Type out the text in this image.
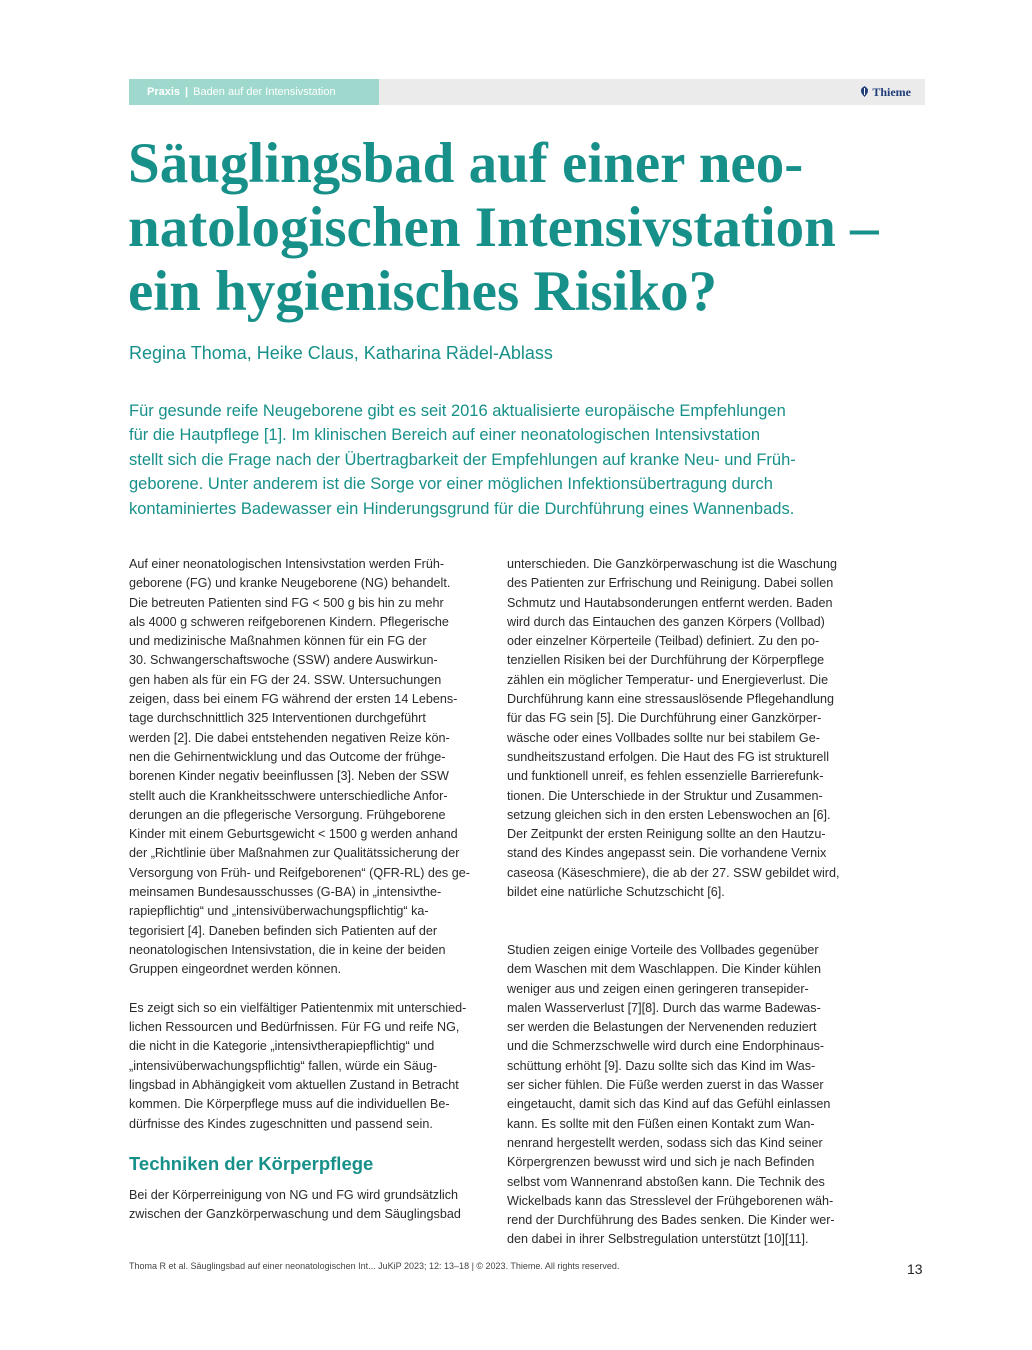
Praxis | Baden auf der Intensivstation	Thieme
Säuglingsbad auf einer neo-
natologischen Intensivstation –
ein hygienisches Risiko?
Regina Thoma, Heike Claus, Katharina Rädel-Ablass
Für gesunde reife Neugeborene gibt es seit 2016 aktualisierte europäische Empfehlungen
für die Hautpflege [1]. Im klinischen Bereich auf einer neonatologischen Intensivstation
stellt sich die Frage nach der Übertragbarkeit der Empfehlungen auf kranke Neu- und Früh-
geborene. Unter anderem ist die Sorge vor einer möglichen Infektionsübertragung durch
kontaminiertes Badewasser ein Hinderungsgrund für die Durchführung eines Wannenbads.
Auf einer neonatologischen Intensivstation werden Früh-
geborene (FG) und kranke Neugeborene (NG) behandelt.
Die betreuten Patienten sind FG < 500 g bis hin zu mehr
als 4000 g schweren reifgeborenen Kindern. Pflegerische
und medizinische Maßnahmen können für ein FG der
30. Schwangerschaftswoche (SSW) andere Auswirkun-
gen haben als für ein FG der 24. SSW. Untersuchungen
zeigen, dass bei einem FG während der ersten 14 Lebens-
tage durchschnittlich 325 Interventionen durchgeführt
werden [2]. Die dabei entstehenden negativen Reize kön-
nen die Gehirnentwicklung und das Outcome der frühge-
borenen Kinder negativ beeinflussen [3]. Neben der SSW
stellt auch die Krankheitsschwere unterschiedliche Anfor-
derungen an die pflegerische Versorgung. Frühgeborene
Kinder mit einem Geburtsgewicht < 1500 g werden anhand
der „Richtlinie über Maßnahmen zur Qualitätssicherung der
Versorgung von Früh- und Reifgeborenen“ (QFR-RL) des ge-
meinsamen Bundesausschusses (G-BA) in „intensivthe-
rapiepflichtig“ und „intensivüberwachungspflichtig“ ka-
tegorisiert [4]. Daneben befinden sich Patienten auf der
neonatologischen Intensivstation, die in keine der beiden
Gruppen eingeordnet werden können.
Es zeigt sich so ein vielfältiger Patientenmix mit unterschied-
lichen Ressourcen und Bedürfnissen. Für FG und reife NG,
die nicht in die Kategorie „intensivtherapiepflichtig“ und
„intensivüberwachungspflichtig“ fallen, würde ein Säug-
lingsbad in Abhängigkeit vom aktuellen Zustand in Betracht
kommen. Die Körperpflege muss auf die individuellen Be-
dürfnisse des Kindes zugeschnitten und passend sein.
Techniken der Körperpflege
Bei der Körperreinigung von NG und FG wird grundsätzlich
zwischen der Ganzkörperwaschung und dem Säuglingsbad
unterschieden. Die Ganzkörperwaschung ist die Waschung
des Patienten zur Erfrischung und Reinigung. Dabei sollen
Schmutz und Hautabsonderungen entfernt werden. Baden
wird durch das Eintauchen des ganzen Körpers (Vollbad)
oder einzelner Körperteile (Teilbad) definiert. Zu den po-
tenziellen Risiken bei der Durchführung der Körperpflege
zählen ein möglicher Temperatur- und Energieverlust. Die
Durchführung kann eine stressauslösende Pflegehandlung
für das FG sein [5]. Die Durchführung einer Ganzkörper-
wäsche oder eines Vollbades sollte nur bei stabilem Ge-
sundheitszustand erfolgen. Die Haut des FG ist strukturell
und funktionell unreif, es fehlen essenzielle Barrierefunk-
tionen. Die Unterschiede in der Struktur und Zusammen-
setzung gleichen sich in den ersten Lebenswochen an [6].
Der Zeitpunkt der ersten Reinigung sollte an den Hautzu-
stand des Kindes angepasst sein. Die vorhandene Vernix
caseosa (Käseschmiere), die ab der 27. SSW gebildet wird,
bildet eine natürliche Schutzschicht [6].
Studien zeigen einige Vorteile des Vollbades gegenüber
dem Waschen mit dem Waschlappen. Die Kinder kühlen
weniger aus und zeigen einen geringeren transepider-
malen Wasserverlust [7][8]. Durch das warme Badewas-
ser werden die Belastungen der Nervenenden reduziert
und die Schmerzschwelle wird durch eine Endorphinaus-
schüttung erhöht [9]. Dazu sollte sich das Kind im Was-
ser sicher fühlen. Die Füße werden zuerst in das Wasser
eingetaucht, damit sich das Kind auf das Gefühl einlassen
kann. Es sollte mit den Füßen einen Kontakt zum Wan-
nenrand hergestellt werden, sodass sich das Kind seiner
Körpergrenzen bewusst wird und sich je nach Befinden
selbst vom Wannenrand abstoßen kann. Die Technik des
Wickelbads kann das Stresslevel der Frühgeborenen wäh-
rend der Durchführung des Bades senken. Die Kinder wer-
den dabei in ihrer Selbstregulation unterstützt [10][11].
Thoma R et al. Säuglingsbad auf einer neonatologischen Int... JuKiP 2023; 12: 13–18 | © 2023. Thieme. All rights reserved.	13
